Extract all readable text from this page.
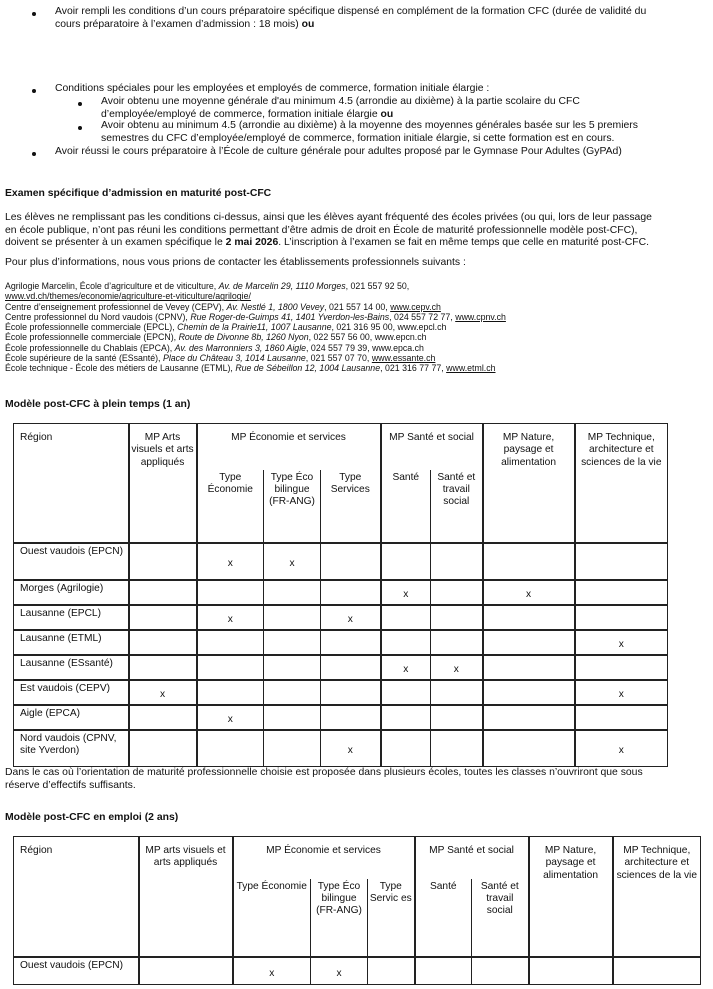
Avoir rempli les conditions d’un cours préparatoire spécifique dispensé en complément de la formation CFC (durée de validité du
cours préparatoire à l’examen d’admission : 18 mois) ou
Conditions spéciales pour les employées et employés de commerce, formation initiale élargie :
Avoir obtenu une moyenne générale d'au minimum 4.5 (arrondie au dixième) à la partie scolaire du CFC
d’employée/employé de commerce, formation initiale élargie ou
Avoir obtenu au minimum 4.5 (arrondie au dixième) à la moyenne des moyennes générales basée sur les 5 premiers
semestres du CFC d’employée/employé de commerce, formation initiale élargie, si cette formation est en cours.
Avoir réussi le cours préparatoire à l’École de culture générale pour adultes proposé par le Gymnase Pour Adultes (GyPAd)
Examen spécifique d’admission en maturité post-CFC
Les élèves ne remplissant pas les conditions ci-dessus, ainsi que les élèves ayant fréquenté des écoles privées (ou qui, lors de leur passage
en école publique, n’ont pas réuni les conditions permettant d’être admis de droit en École de maturité professionnelle modèle post-CFC),
doivent se présenter à un examen spécifique le 2 mai 2026. L’inscription à l’examen se fait en même temps que celle en maturité post-CFC.
Pour plus d’informations, nous vous prions de contacter les établissements professionnels suivants :
Agrilogie Marcelin, École d’agriculture et de viticulture, Av. de Marcelin 29, 1110 Morges, 021 557 92 50,
www.vd.ch/themes/economie/agriculture-et-viticulture/agrilogie/
Centre d’enseignement professionnel de Vevey (CEPV), Av. Nestlé 1, 1800 Vevey, 021 557 14 00, www.cepv.ch
Centre professionnel du Nord vaudois (CPNV), Rue Roger-de-Guimps 41, 1401 Yverdon-les-Bains, 024 557 72 77, www.cpnv.ch
École professionnelle commerciale (EPCL), Chemin de la Prairie11, 1007 Lausanne, 021 316 95 00, www.epcl.ch
École professionnelle commerciale (EPCN), Route de Divonne 8b, 1260 Nyon, 022 557 56 00, www.epcn.ch
École professionnelle du Chablais (EPCA), Av. des Marronniers 3, 1860 Aigle, 024 557 79 39, www.epca.ch
École supérieure de la santé (ESsanté), Place du Château 3, 1014 Lausanne, 021 557 07 70, www.essante.ch
École technique - École des métiers de Lausanne (ETML), Rue de Sébeillon 12, 1004 Lausanne, 021 316 77 77, www.etml.ch
Modèle post-CFC à plein temps (1 an)
Région	MP Arts visuels et arts appliqués	MP Économie et services			MP Santé et social		MP Nature, paysage et alimentation	MP Technique, architecture et sciences de la vie
		Type Économie	Type Éco bilingue (FR-ANG)	Type Services	Santé	Santé et travail social		
Ouest vaudois (EPCN)		x	x					
Morges (Agrilogie)					x		x	
Lausanne (EPCL)		x		x				
Lausanne (ETML)								x
Lausanne (ESsanté)					x	x		
Est vaudois (CEPV)	x							x
Aigle (EPCA)		x						
Nord vaudois (CPNV, site Yverdon)				x				x
Dans le cas où l’orientation de maturité professionnelle choisie est proposée dans plusieurs écoles, toutes les classes n’ouvriront que sous
réserve d’effectifs suffisants.
Modèle post-CFC en emploi (2 ans)
Région	MP arts visuels et arts appliqués	MP Économie et services			MP Santé et social		MP Nature, paysage et alimentation	MP Technique, architecture et sciences de la vie
		Type Économie	Type Éco bilingue (FR-ANG)	Type Servic es	Santé	Santé et travail social		
Ouest vaudois (EPCN)		x	x					
